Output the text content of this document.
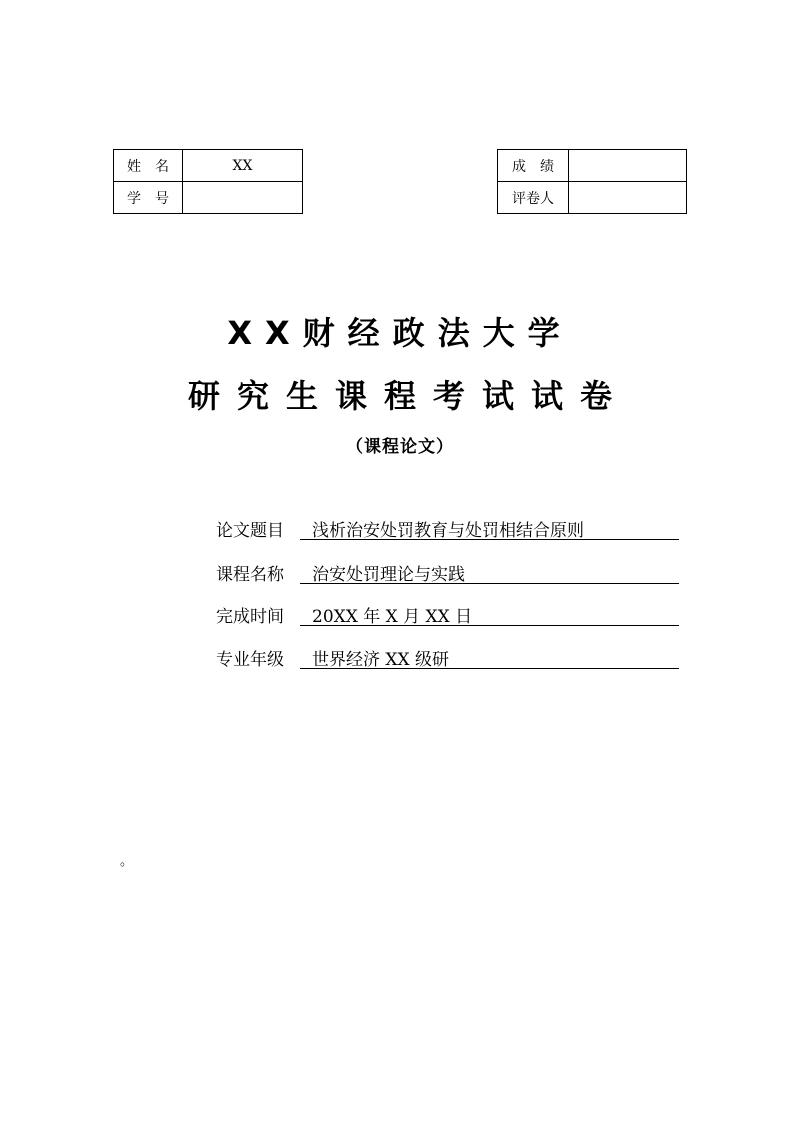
姓　名	XX
学　号	
成　绩	
评卷人	
XX财经政法大学
研究生课程考试试卷
（课程论文）
论文题目	浅析治安处罚教育与处罚相结合原则
课程名称	治安处罚理论与实践
完成时间	20XX 年 X 月 XX 日
专业年级	世界经济 XX 级研
。
